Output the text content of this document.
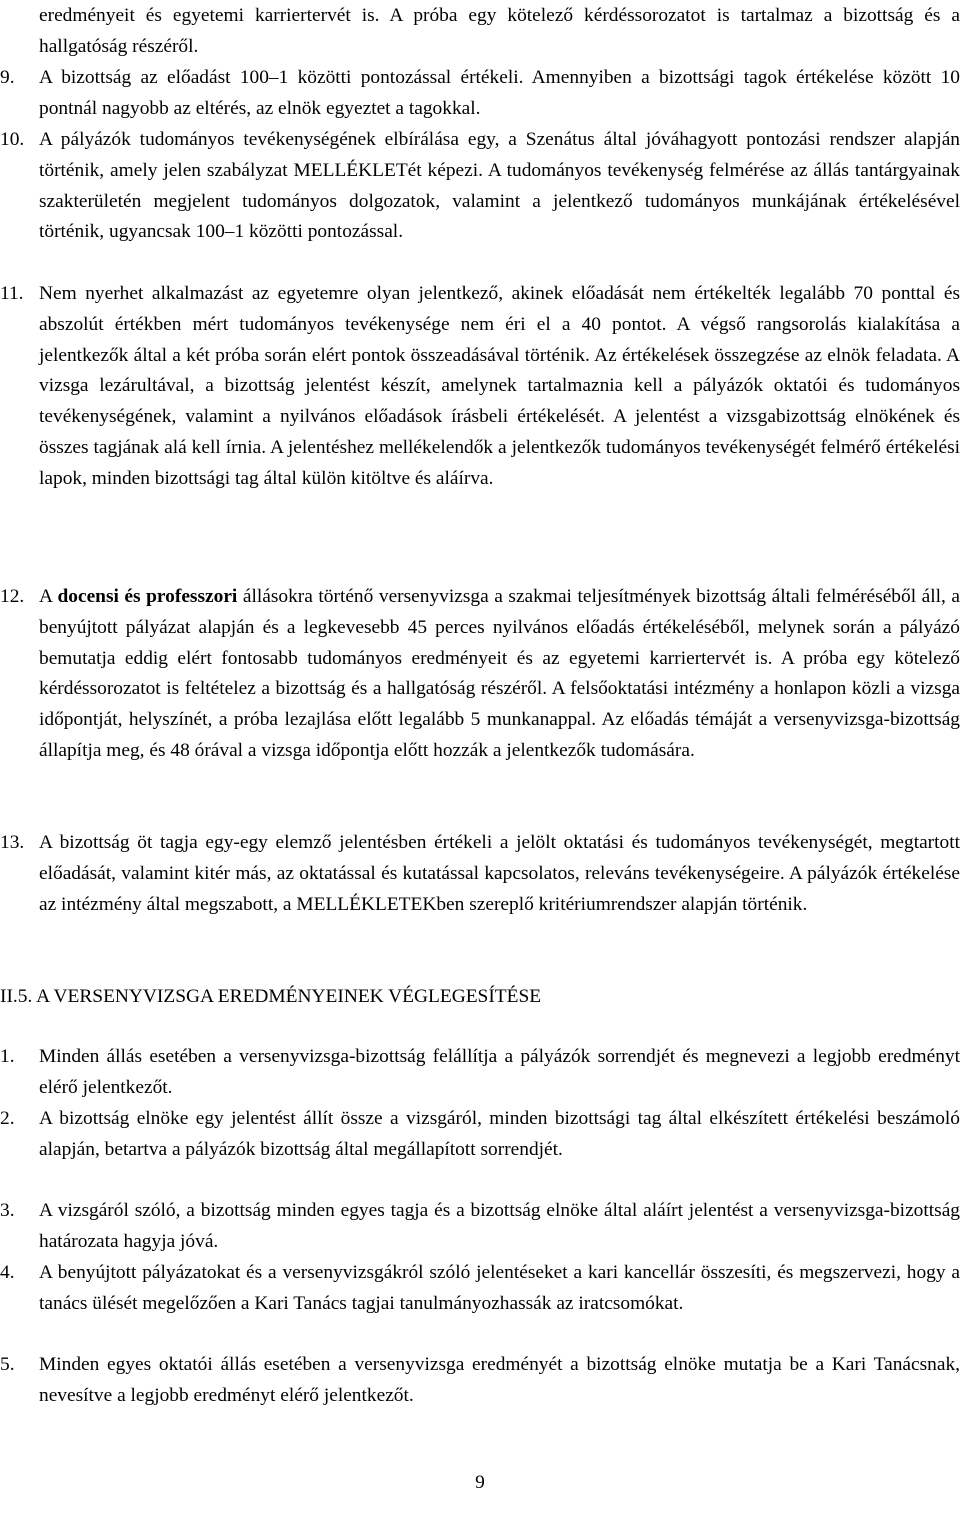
eredményeit és egyetemi karriertervét is. A próba egy kötelező kérdéssorozatot is tartalmaz a bizottság és a hallgatóság részéről.
9. A bizottság az előadást 100–1 közötti pontozással értékeli. Amennyiben a bizottsági tagok értékelése között 10 pontnál nagyobb az eltérés, az elnök egyeztet a tagokkal.
10. A pályázók tudományos tevékenységének elbírálása egy, a Szenátus által jóváhagyott pontozási rendszer alapján történik, amely jelen szabályzat MELLÉKLETét képezi. A tudományos tevékenység felmérése az állás tantárgyainak szakterületén megjelent tudományos dolgozatok, valamint a jelentkező tudományos munkájának értékelésével történik, ugyancsak 100–1 közötti pontozással.
11. Nem nyerhet alkalmazást az egyetemre olyan jelentkező, akinek előadását nem értékelték legalább 70 ponttal és abszolút értékben mért tudományos tevékenysége nem éri el a 40 pontot. A végső rangsorolás kialakítása a jelentkezők által a két próba során elért pontok összeadásával történik. Az értékelések összegzése az elnök feladata. A vizsga lezárultával, a bizottság jelentést készít, amelynek tartalmaznia kell a pályázók oktatói és tudományos tevékenységének, valamint a nyilvános előadások írásbeli értékelését. A jelentést a vizsgabizottság elnökének és összes tagjának alá kell írnia. A jelentéshez mellékelendők a jelentkezők tudományos tevékenységét felmérő értékelési lapok, minden bizottsági tag által külön kitöltve és aláírva.
12. A docensi és professzori állásokra történő versenyvizsga a szakmai teljesítmények bizottság általi felméréséből áll, a benyújtott pályázat alapján és a legkevesebb 45 perces nyilvános előadás értékeléséből, melynek során a pályázó bemutatja eddig elért fontosabb tudományos eredményeit és az egyetemi karriertervét is. A próba egy kötelező kérdéssorozatot is feltételez a bizottság és a hallgatóság részéről. A felsőoktatási intézmény a honlapon közli a vizsga időpontját, helyszínét, a próba lezajlása előtt legalább 5 munkanappal. Az előadás témáját a versenyvizsga-bizottság állapítja meg, és 48 órával a vizsga időpontja előtt hozzák a jelentkezők tudomására.
13. A bizottság öt tagja egy-egy elemző jelentésben értékeli a jelölt oktatási és tudományos tevékenységét, megtartott előadását, valamint kitér más, az oktatással és kutatással kapcsolatos, releváns tevékenységeire. A pályázók értékelése az intézmény által megszabott, a MELLÉKLETEKben szereplő kritériumrendszer alapján történik.
II.5. A VERSENYVIZSGA EREDMÉNYEINEK VÉGLEGESÍTÉSE
1. Minden állás esetében a versenyvizsga-bizottság felállítja a pályázók sorrendjét és megnevezi a legjobb eredményt elérő jelentkezőt.
2. A bizottság elnöke egy jelentést állít össze a vizsgáról, minden bizottsági tag által elkészített értékelési beszámoló alapján, betartva a pályázók bizottság által megállapított sorrendjét.
3. A vizsgáról szóló, a bizottság minden egyes tagja és a bizottság elnöke által aláírt jelentést a versenyvizsga-bizottság határozata hagyja jóvá.
4. A benyújtott pályázatokat és a versenyvizsgákról szóló jelentéseket a kari kancellár összesíti, és megszervezi, hogy a tanács ülését megelőzően a Kari Tanács tagjai tanulmányozhassák az iratcsomókat.
5. Minden egyes oktatói állás esetében a versenyvizsga eredményét a bizottság elnöke mutatja be a Kari Tanácsnak, nevesítve a legjobb eredményt elérő jelentkezőt.
9
